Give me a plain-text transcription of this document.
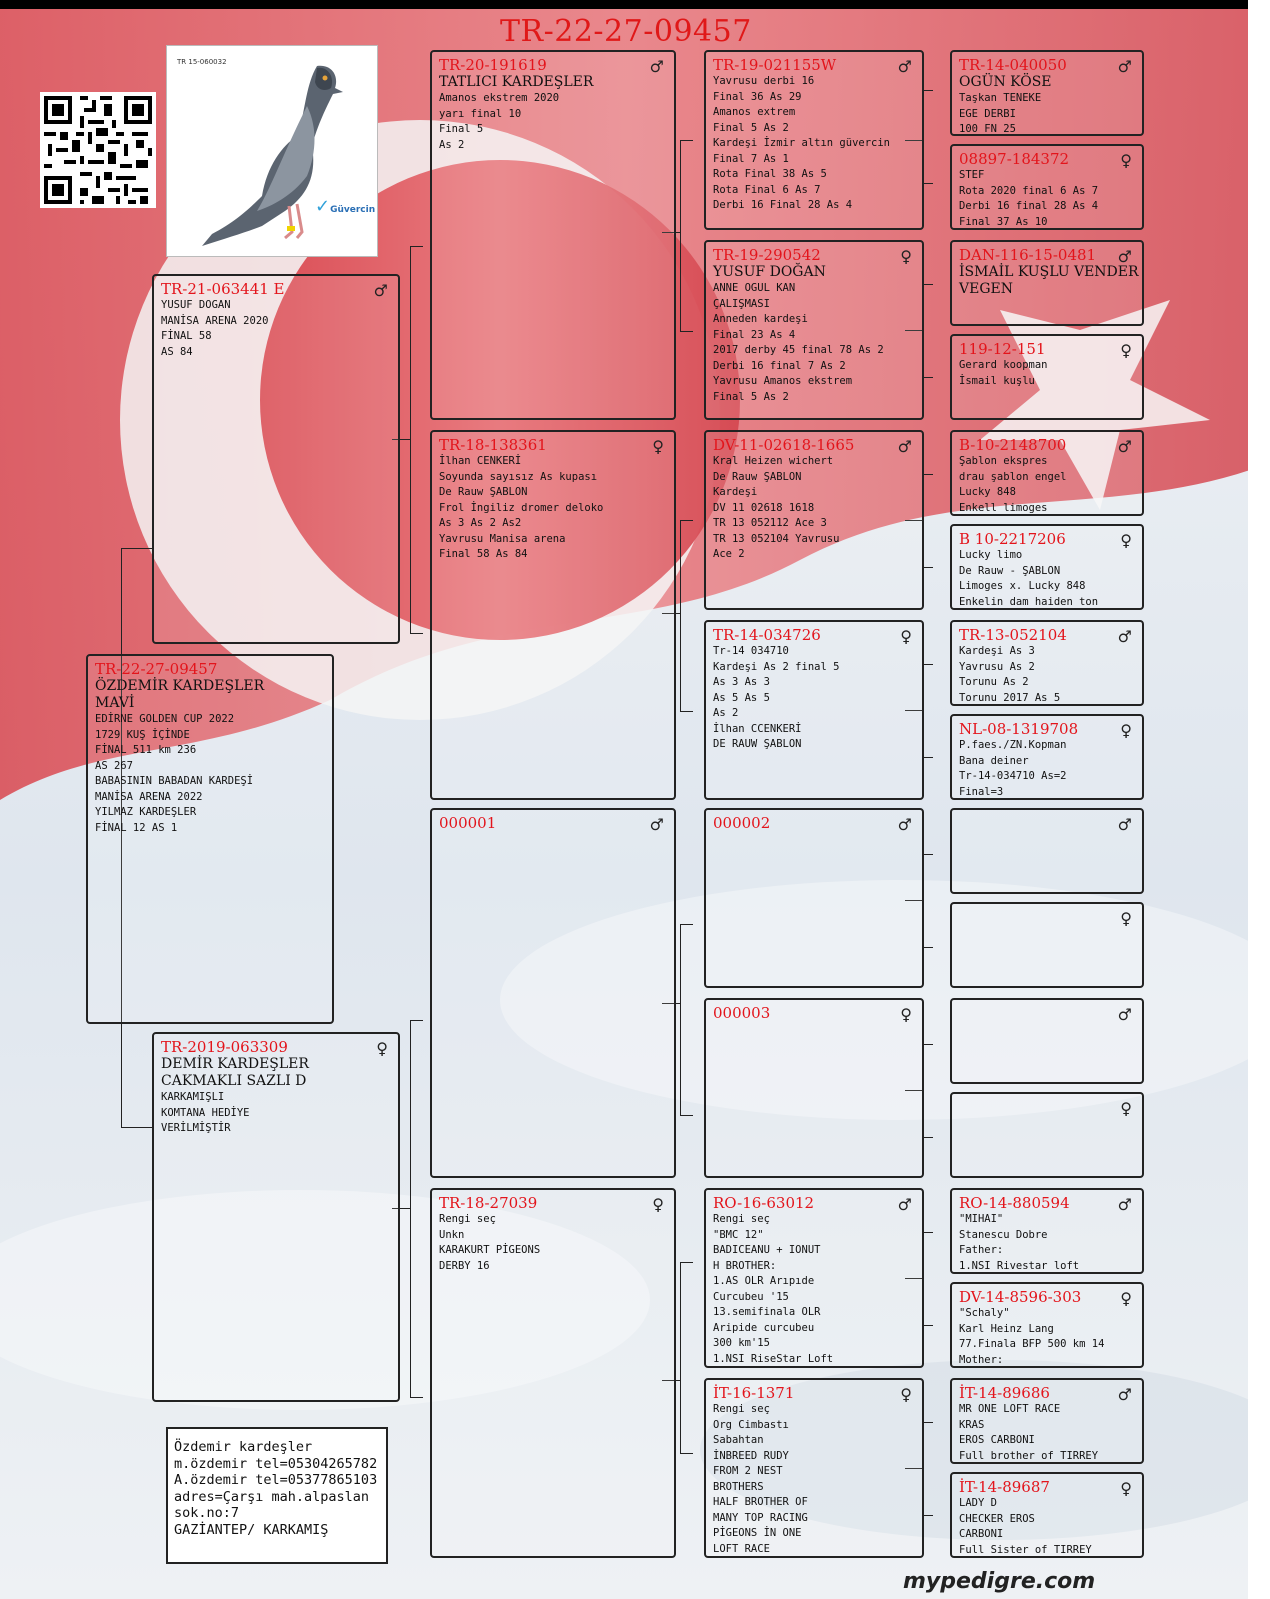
TR-22-27-09457
TR 15-060032
✓Güvercin
TR-22-27-09457
ÖZDEMİR KARDEŞLER
MAVİ
EDİRNE GOLDEN CUP 2022
1729 KUŞ İÇİNDE
FİNAL 511 km 236
AS 267
BABASININ BABADAN KARDEŞİ
MANİSA ARENA 2022
YILMAZ KARDEŞLER
FİNAL 12 AS 1
♂
TR-21-063441 E
YUSUF DOGAN
MANİSA ARENA 2020
FİNAL 58
AS 84
♀
TR-2019-063309
DEMİR KARDEŞLER
CAKMAKLI SAZLI D
KARKAMIŞLI
KOMTANA HEDİYE
VERİLMİŞTİR
♂
TR-20-191619
TATLICI KARDEŞLER
Amanos ekstrem 2020
yarı final 10
Final 5
As 2
♀
TR-18-138361
İlhan CENKERİ
Soyunda sayısız As kupası
De Rauw ŞABLON
Frol İngiliz dromer deloko
As 3 As 2 As2
Yavrusu Manisa arena
Final 58 As 84
♂
000001
♀
TR-18-27039
Rengi seç
Unkn
KARAKURT PİGEONS
DERBY 16
♂
TR-19-021155W
Yavrusu derbi 16
Final 36 As 29
Amanos extrem
Final 5 As 2
Kardeşi İzmir altın güvercin
Final 7 As 1
Rota Final 38 As 5
Rota Final 6 As 7
Derbi 16 Final 28 As 4
♀
TR-19-290542
YUSUF DOĞAN
ANNE OGUL KAN
ÇALIŞMASI
Anneden kardeşi
Final 23 As 4
2017 derby 45 final 78 As 2
Derbi 16 final 7 As 2
Yavrusu Amanos ekstrem
Final 5 As 2
♂
DV-11-02618-1665
Kral Heizen wichert
De Rauw ŞABLON
Kardeşi
DV 11 02618 1618
TR 13 052112 Ace 3
TR 13 052104 Yavrusu
Ace 2
♀
TR-14-034726
Tr-14 034710
Kardeşi As 2 final 5
As 3 As 3
As 5 As 5
As 2
İlhan CCENKERİ
DE RAUW ŞABLON
♂
000002
♀
000003
♂
RO-16-63012
Rengi seç
"BMC 12"
BADICEANU + IONUT
H BROTHER:
1.AS OLR Arıpıde
Curcubeu '15
13.semifinala OLR
Aripide curcubeu
300 km'15
1.NSI RiseStar Loft
♀
İT-16-1371
Rengi seç
Org Cimbastı
Sabahtan
İNBREED RUDY
FROM 2 NEST
BROTHERS
HALF BROTHER OF
MANY TOP RACING
PİGEONS İN ONE
LOFT RACE
♂
TR-14-040050
OGÜN KÖSE
Taşkan TENEKE
EGE DERBI
100 FN 25
♀
08897-184372
STEF
Rota 2020 final 6 As 7
Derbi 16 final 28 As 4
Final 37 As 10
♂
DAN-116-15-0481
İSMAİL KUŞLU VENDER
VEGEN
♀
119-12-151
Gerard koopman
İsmail kuşlu
♂
B-10-2148700
Şablon ekspres
drau şablon engel
Lucky 848
Enkell limoges
♀
B 10-2217206
Lucky limo
De Rauw - ŞABLON
Limoges x. Lucky 848
Enkelin dam haiden ton
♂
TR-13-052104
Kardeşi As 3
Yavrusu As 2
Torunu As 2
Torunu 2017 As 5
♀
NL-08-1319708
P.faes./ZN.Kopman
Bana deiner
Tr-14-034710 As=2
Final=3
♂
♀
♂
♀
♂
RO-14-880594
"MIHAI"
Stanescu Dobre
Father:
1.NSI Rivestar loft
♀
DV-14-8596-303
"Schaly"
Karl Heinz Lang
77.Finala BFP 500 km 14
Mother:
♂
İT-14-89686
MR ONE LOFT RACE
KRAS
EROS CARBONI
Full brother of TIRREY
♀
İT-14-89687
LADY D
CHECKER EROS
CARBONI
Full Sister of TIRREY
Özdemir kardeşler
m.özdemir tel=05304265782
A.özdemir tel=05377865103
adres=Çarşı mah.alpaslan
sok.no:7
GAZİANTEP/ KARKAMIŞ
mypedigre.com
